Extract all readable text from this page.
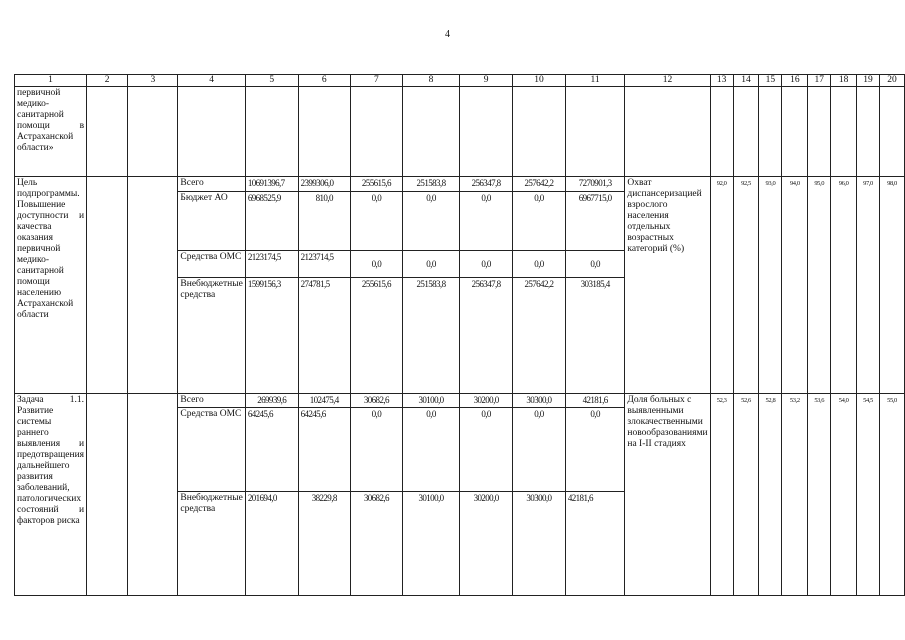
4
1	2	3	4	5	6	7	8	9	10	11	12	13	14	15	16	17	18	19	20
первичной медико-санитарной помощи в Астраханской области»																			
Цель подпрограммы. Повышение доступности и качества оказания первичной медико-санитарной помощи населению Астраханской области			Всего	10691396,7	2399306,0	255615,6	251583,8	256347,8	257642,2	7270901,3	Охват диспансеризацией взрослого населения отдельных возрастных категорий (%)	92,0	92,5	93,0	94,0	95,0	96,0	97,0	98,0
			Бюджет АО	6968525,9	810,0	0,0	0,0	0,0	0,0	6967715,0									
			Средства ОМС	2123174,5	2123714,5	0,0	0,0	0,0	0,0	0,0									
			Внебюджетные средства	1599156,3	274781,5	255615,6	251583,8	256347,8	257642,2	303185,4									
Задача 1.1. Развитие системы раннего выявления и предотвращения дальнейшего развития заболеваний, патологических состояний и факторов риска			Всего	269939,6	102475,4	30682,6	30100,0	30200,0	30300,0	42181,6	Доля больных с выявленными злокачественными новообразованиями на I-II стадиях	52,3	52,6	52,8	53,2	53,6	54,0	54,5	55,0
			Средства ОМС	64245,6	64245,6	0,0	0,0	0,0	0,0	0,0									
			Внебюджетные средства	201694,0	38229,8	30682,6	30100,0	30200,0	30300,0	42181,6									
